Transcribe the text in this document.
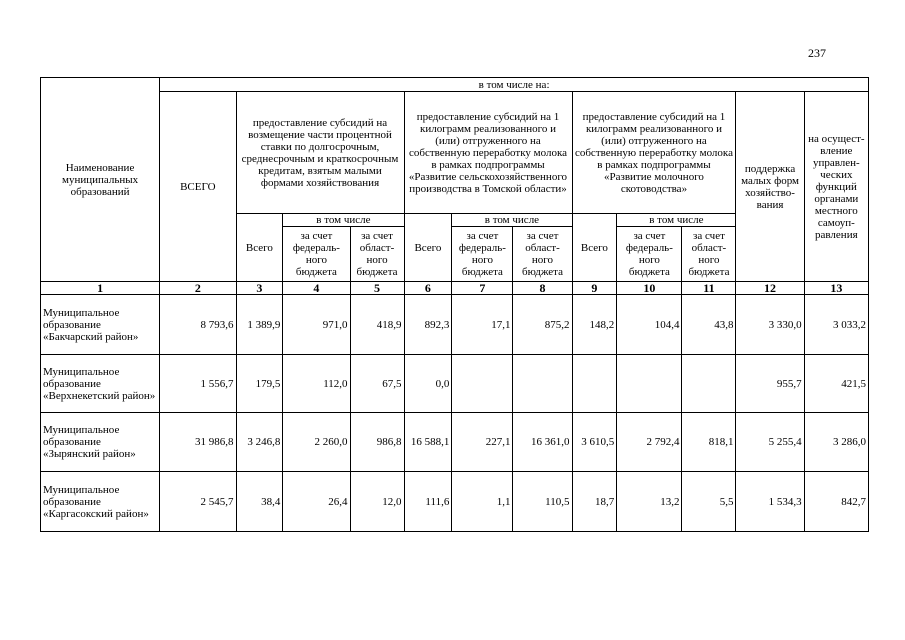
237
Наименование муниципальных образований	в том числе на:											
	ВСЕГО	предоставление субсидий на возмещение части процентной ставки по долгосрочным, среднесрочным и краткосрочным кредитам, взятым малыми формами хозяйствования			предоставление субсидий на 1 килограмм реализованного и (или) отгруженного на собственную переработку молока в рамках подпрограммы «Развитие сельскохозяйственного производства в Томской области»			предоставление субсидий на 1 килограмм реализованного и (или) отгруженного на собственную переработку молока в рамках подпрограммы «Развитие молочного скотоводства»			поддержка малых форм хозяйство-вания	на осущест-вление управлен-ческих функций органами местного самоуп-равления
		Всего	в том числе		Всего	в том числе		Всего	в том числе			
			за счет федераль-ного бюджета	за счет област-ного бюджета		за счет федераль-ного бюджета	за счет област-ного бюджета		за счет федераль-ного бюджета	за счет област-ного бюджета		
1	2	3	4	5	6	7	8	9	10	11	12	13
Муниципальное образование «Бакчарский район»	8 793,6	1 389,9	971,0	418,9	892,3	17,1	875,2	148,2	104,4	43,8	3 330,0	3 033,2
Муниципальное образование «Верхнекетский район»	1 556,7	179,5	112,0	67,5	0,0						955,7	421,5
Муниципальное образование «Зырянский район»	31 986,8	3 246,8	2 260,0	986,8	16 588,1	227,1	16 361,0	3 610,5	2 792,4	818,1	5 255,4	3 286,0
Муниципальное образование «Каргасокский район»	2 545,7	38,4	26,4	12,0	111,6	1,1	110,5	18,7	13,2	5,5	1 534,3	842,7
